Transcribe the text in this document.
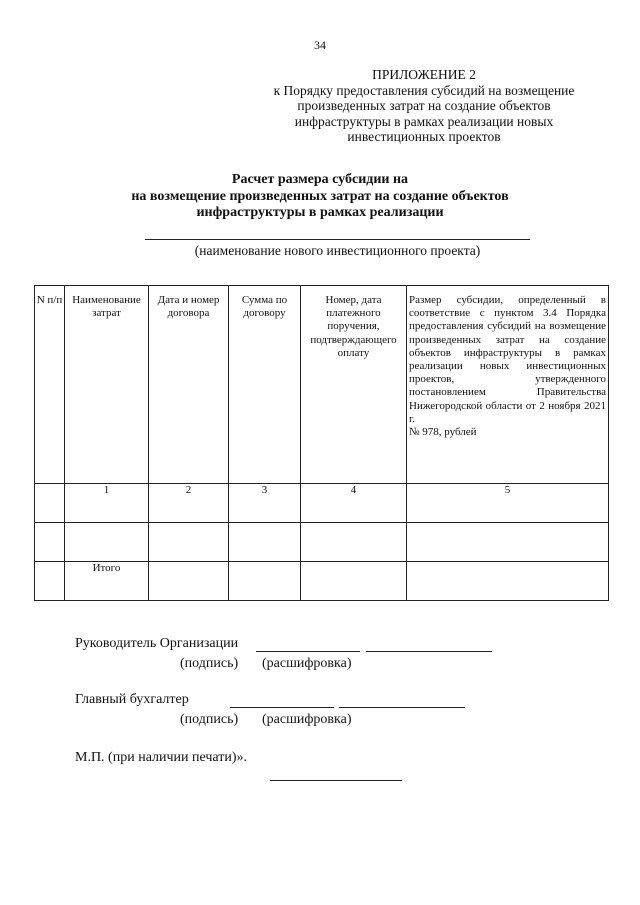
34
ПРИЛОЖЕНИЕ 2
к Порядку предоставления субсидий на возмещение
произведенных затрат на создание объектов
инфраструктуры в рамках реализации новых
инвестиционных проектов
Расчет размера субсидии на
на возмещение произведенных затрат на создание объектов
инфраструктуры в рамках реализации
(наименование нового инвестиционного проекта)
N п/п	Наименование затрат	Дата и номер договора	Сумма по договору	Номер, дата платежного поручения, подтверждающего оплату	Размер субсидии, определенный в соответствие с пунктом 3.4 Порядка предоставления субсидий на возмещение произведенных затрат на создание объектов инфраструктуры в рамках реализации новых инвестиционных проектов, утвержденного постановлением Правительства Нижегородской области от 2 ноября 2021 г.
№ 978, рублей

	1	2	3	4	5

	Итого				
Руководитель Организации
(подпись) (расшифровка)
Главный бухгалтер
(подпись) (расшифровка)
М.П. (при наличии печати)».
